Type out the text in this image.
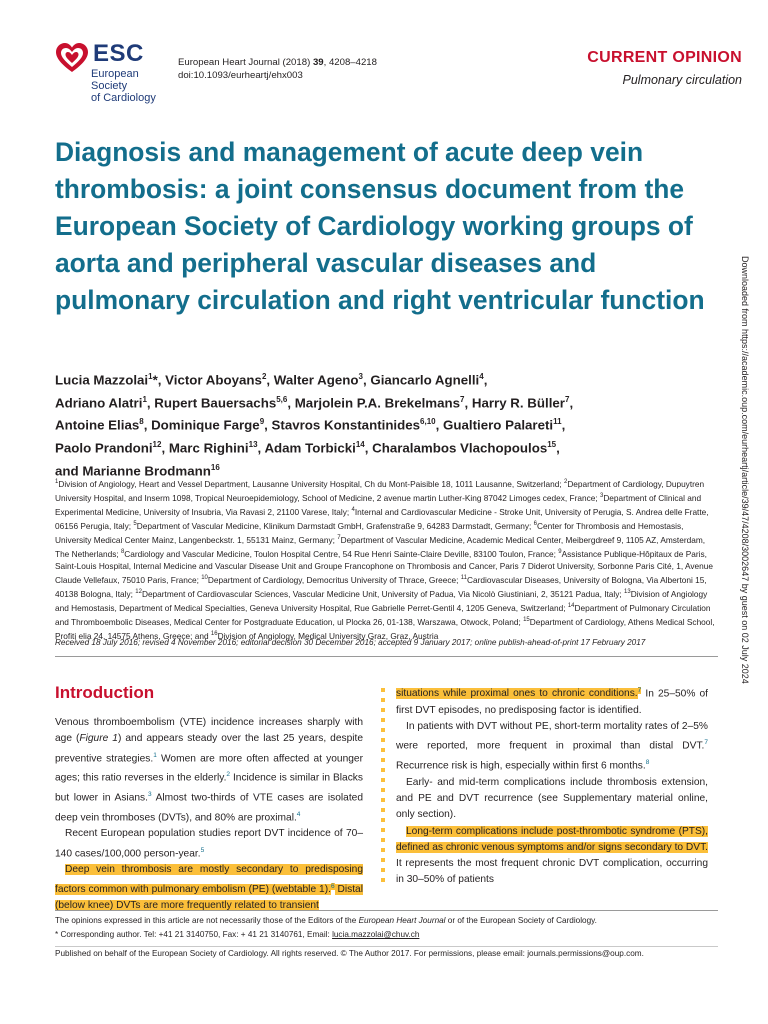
ESC
European Society
of Cardiology
European Heart Journal (2018) 39, 4208–4218
doi:10.1093/eurheartj/ehx003
CURRENT OPINION
Pulmonary circulation
Diagnosis and management of acute deep vein thrombosis: a joint consensus document from the European Society of Cardiology working groups of aorta and peripheral vascular diseases and pulmonary circulation and right ventricular function
Lucia Mazzolai$^1$*, Victor Aboyans$^2$, Walter Ageno$^3$, Giancarlo Agnelli$^4$,
Adriano Alatri$^1$, Rupert Bauersachs$^{5,6}$, Marjolein P.A. Brekelmans$^7$, Harry R. Büller$^7$,
Antoine Elias$^8$, Dominique Farge$^9$, Stavros Konstantinides$^{6,10}$, Gualtiero Palareti$^{11}$,
Paolo Prandoni$^{12}$, Marc Righini$^{13}$, Adam Torbicki$^{14}$, Charalambos Vlachopoulos$^{15}$,
and Marianne Brodmann$^{16}$
$^1$Division of Angiology, Heart and Vessel Department, Lausanne University Hospital, Ch du Mont-Paisible 18, 1011 Lausanne, Switzerland; $^2$Department of Cardiology, Dupuytren University Hospital, and Inserm 1098, Tropical Neuroepidemiology, School of Medicine, 2 avenue martin Luther-King 87042 Limoges cedex, France; $^3$Department of Clinical and Experimental Medicine, University of Insubria, Via Ravasi 2, 21100 Varese, Italy; $^4$Internal and Cardiovascular Medicine - Stroke Unit, University of Perugia, S. Andrea delle Fratte, 06156 Perugia, Italy; $^5$Department of Vascular Medicine, Klinikum Darmstadt GmbH, Grafenstraße 9, 64283 Darmstadt, Germany; $^6$Center for Thrombosis and Hemostasis, University Medical Center Mainz, Langenbeckstr. 1, 55131 Mainz, Germany; $^7$Department of Vascular Medicine, Academic Medical Center, Meibergdreef 9, 1105 AZ, Amsterdam, The Netherlands; $^8$Cardiology and Vascular Medicine, Toulon Hospital Centre, 54 Rue Henri Sainte-Claire Deville, 83100 Toulon, France; $^9$Assistance Publique-Hôpitaux de Paris, Saint-Louis Hospital, Internal Medicine and Vascular Disease Unit and Groupe Francophone on Thrombosis and Cancer, Paris 7 Diderot University, Sorbonne Paris Cité, 1, Avenue Claude Vellefaux, 75010 Paris, France; $^{10}$Department of Cardiology, Democritus University of Thrace, Greece; $^{11}$Cardiovascular Diseases, University of Bologna, Via Albertoni 15, 40138 Bologna, Italy; $^{12}$Department of Cardiovascular Sciences, Vascular Medicine Unit, University of Padua, Via Nicolò Giustiniani, 2, 35121 Padua, Italy; $^{13}$Division of Angiology and Hemostasis, Department of Medical Specialties, Geneva University Hospital, Rue Gabrielle Perret-Gentil 4, 1205 Geneva, Switzerland; $^{14}$Department of Pulmonary Circulation and Thromboembolic Diseases, Medical Center for Postgraduate Education, ul Plocka 26, 01-138, Warszawa, Otwock, Poland; $^{15}$Department of Cardiology, Athens Medical School, Profiti elia 24, 14575 Athens, Greece; and $^{16}$Division of Angiology, Medical University Graz, Graz, Austria
Received 18 July 2016; revised 4 November 2016; editorial decision 30 December 2016; accepted 9 January 2017; online publish-ahead-of-print 17 February 2017
Introduction

Venous thromboembolism (VTE) incidence increases sharply with age (Figure 1) and appears steady over the last 25 years, despite preventive strategies.$^1$ Women are more often affected at younger ages; this ratio reverses in the elderly.$^2$ Incidence is similar in Blacks but lower in Asians.$^3$ Almost two-thirds of VTE cases are isolated deep vein thromboses (DVTs), and 80% are proximal.$^4$

Recent European population studies report DVT incidence of 70–140 cases/100,000 person-year.$^5$

Deep vein thrombosis are mostly secondary to predisposing factors common with pulmonary embolism (PE) (webtable 1).$^6$ Distal (below knee) DVTs are more frequently related to transient

situations while proximal ones to chronic conditions.$^7$ In 25–50% of first DVT episodes, no predisposing factor is identified.

In patients with DVT without PE, short-term mortality rates of 2–5% were reported, more frequent in proximal than distal DVT.$^7$ Recurrence risk is high, especially within first 6 months.$^8$

Early- and mid-term complications include thrombosis extension, and PE and DVT recurrence (see Supplementary material online, only section).

Long-term complications include post-thrombotic syndrome (PTS), defined as chronic venous symptoms and/or signs secondary to DVT. It represents the most frequent chronic DVT complication, occurring in 30–50% of patients

The opinions expressed in this article are not necessarily those of the Editors of the European Heart Journal or of the European Society of Cardiology.
* Corresponding author. Tel: +41 21 3140750, Fax: + 41 21 3140761, Email: lucia.mazzolai@chuv.ch
Published on behalf of the European Society of Cardiology. All rights reserved. © The Author 2017. For permissions, please email: journals.permissions@oup.com.
Downloaded from https://academic.oup.com/eurheartj/article/39/47/4208/3002647 by guest on 02 July 2024
